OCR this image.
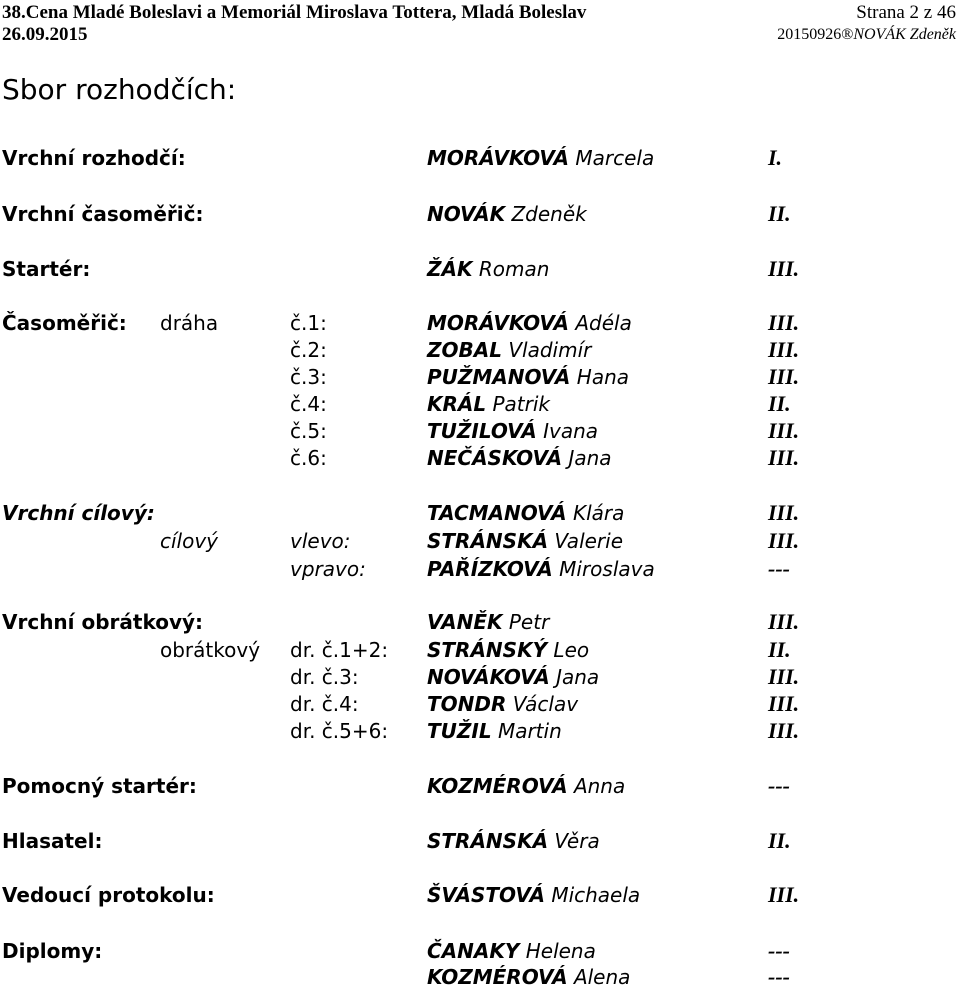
38.Cena Mladé Boleslavi a Memoriál Miroslava Tottera, Mladá Boleslav	Strana 2 z 46
26.09.2015	20150926®NOVÁK Zdeněk
Sbor rozhodčích:
Vrchní rozhodčí:	MORÁVKOVÁ Marcela	I.
Vrchní časoměřič:	NOVÁK Zdeněk	II.
Startér:	ŽÁK Roman	III.
Časoměřič: dráha	č.1:	MORÁVKOVÁ Adéla	III.
č.2:	ZOBAL Vladimír	III.
č.3:	PUŽMANOVÁ Hana	III.
č.4:	KRÁL Patrik	II.
č.5:	TUŽILOVÁ Ivana	III.
č.6:	NEČÁSKOVÁ Jana	III.
Vrchní cílový:	TACMANOVÁ Klára	III.
cílový	vlevo:	STRÁNSKÁ Valerie	III.
vpravo:	PAŘÍZKOVÁ Miroslava	---
Vrchní obrátkový:	VANĚK Petr	III.
obrátkový dr. č.1+2: STRÁNSKÝ Leo	II.
dr. č.3:	NOVÁKOVÁ Jana	III.
dr. č.4:	TONDR Václav	III.
dr. č.5+6: TUŽIL Martin	III.
Pomocný startér:	KOZMÉROVÁ Anna	---
Hlasatel:	STRÁNSKÁ Věra	II.
Vedoucí protokolu:	ŠVÁSTOVÁ Michaela	III.
Diplomy:	ČANAKY Helena	---
KOZMÉROVÁ Alena	---
